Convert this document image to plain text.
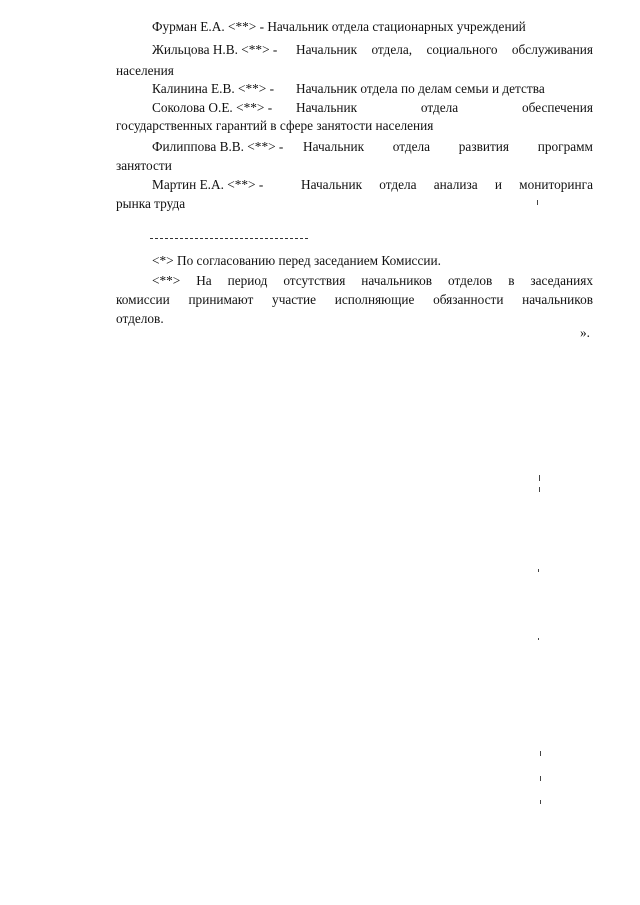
Фурман Е.А. <**> - Начальник отдела стационарных учреждений
Жильцова Н.В. <**> - Начальник отдела, социального обслуживания
населения
Калинина Е.В. <**> - Начальник отдела по делам семьи и детства
Соколова О.Е. <**> - Начальник	отдела	обеспечения
государственных гарантий в сфере занятости населения
Филиппова В.В. <**> - Начальник отдела развития программ
занятости
Мартин Е.А. <**> -	Начальник отдела анализа и мониторинга
рынка труда
<*> По согласованию перед заседанием Комиссии.
<**> На период отсутствия начальников отделов в заседаниях
комиссии принимают участие исполняющие обязанности начальников
отделов.
».
